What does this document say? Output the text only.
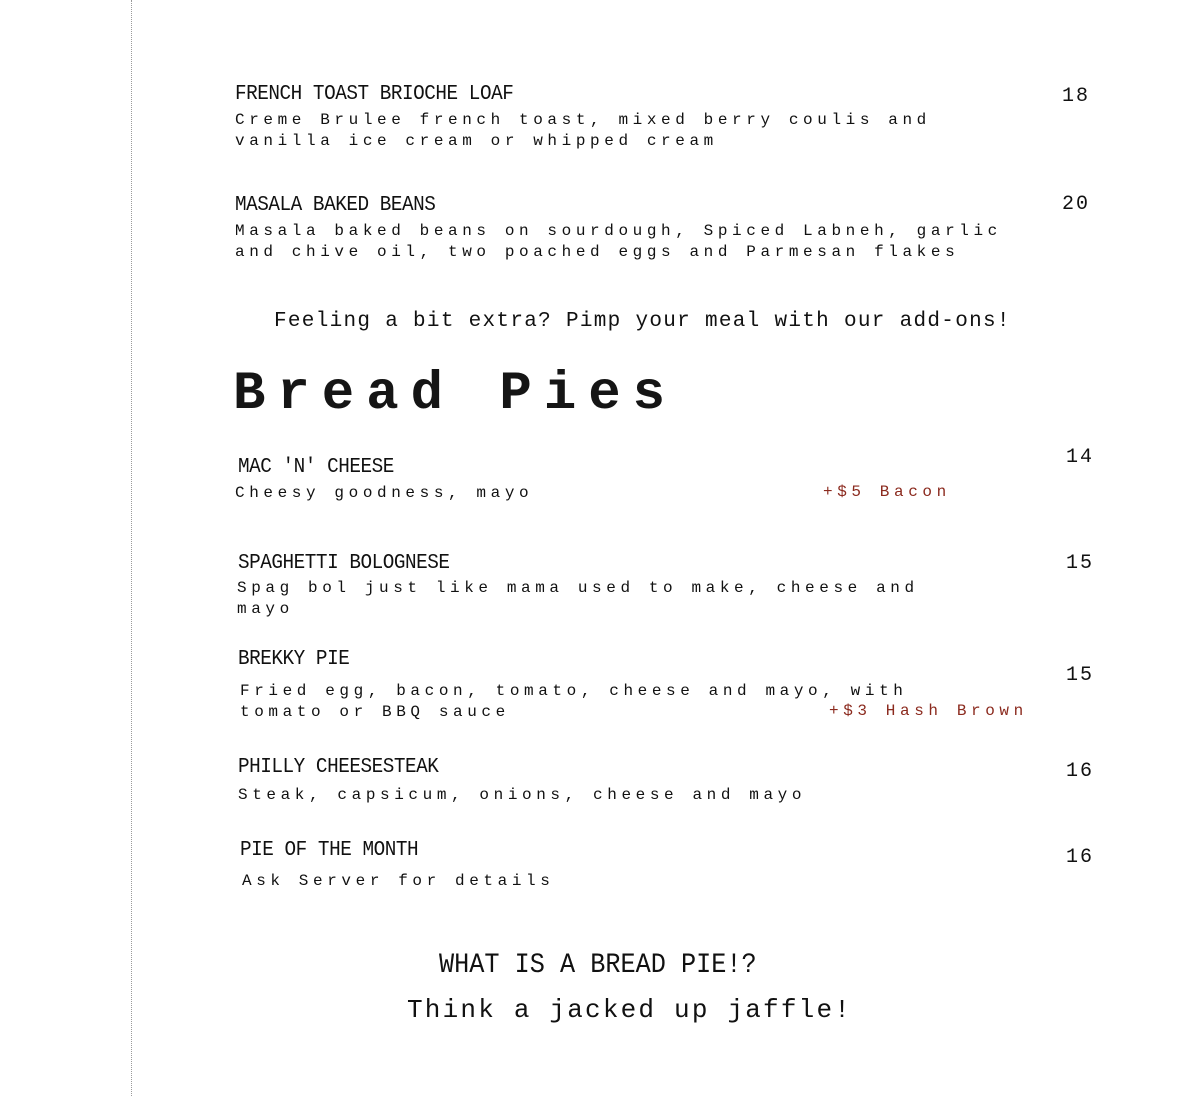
FRENCH TOAST BRIOCHE LOAF
Creme Brulee french toast, mixed berry coulis and vanilla ice cream or whipped cream
18
MASALA BAKED BEANS
Masala baked beans on sourdough, Spiced Labneh, garlic and chive oil, two poached eggs and Parmesan flakes
20
Feeling a bit extra? Pimp your meal with our add-ons!
Bread Pies
MAC 'N' CHEESE
Cheesy goodness, mayo	+$5 Bacon
14
SPAGHETTI BOLOGNESE
Spag bol just like mama used to make, cheese and mayo
15
BREKKY PIE
Fried egg, bacon, tomato, cheese and mayo, with tomato or BBQ sauce	+$3 Hash Brown
15
PHILLY CHEESESTEAK
Steak, capsicum, onions, cheese and mayo
16
PIE OF THE MONTH
Ask Server for details
16
WHAT IS A BREAD PIE!?
Think a jacked up jaffle!
